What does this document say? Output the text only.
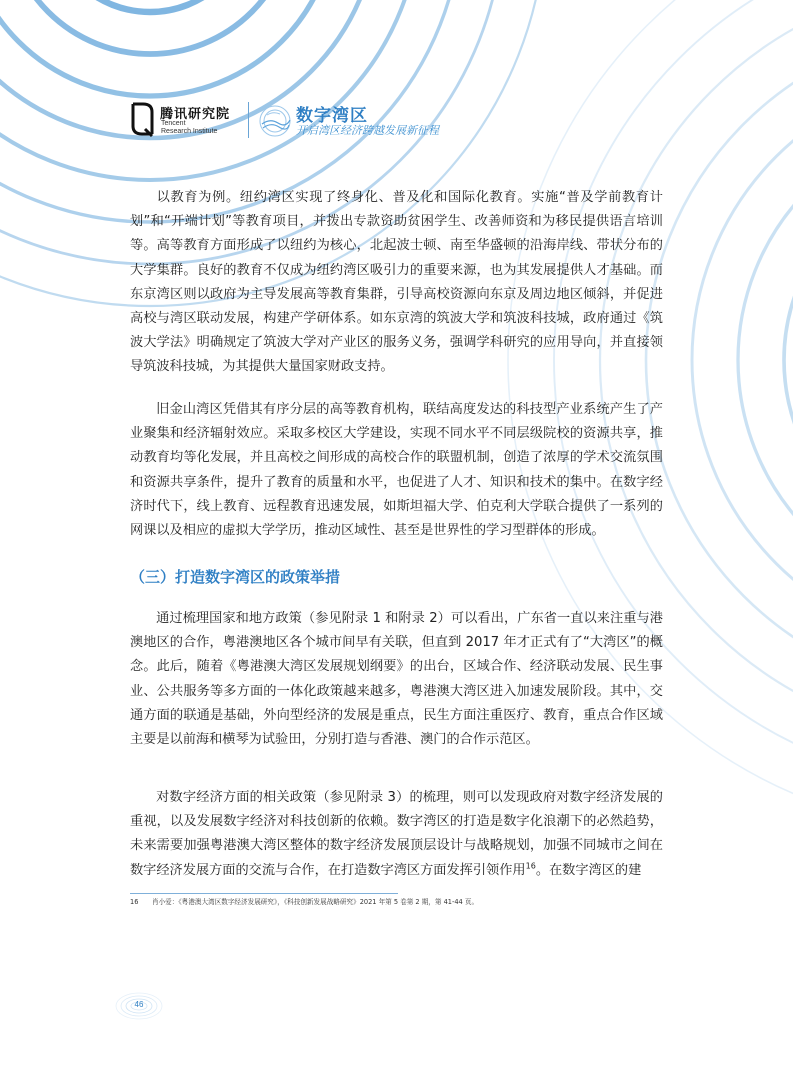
腾讯研究院
Tencent
Research Institute
数字湾区
开启湾区经济跨越发展新征程

以教育为例。纽约湾区实现了终身化、普及化和国际化教育。实施“普及学前教育计划”和“开端计划”等教育项目，并拨出专款资助贫困学生、改善师资和为移民提供语言培训等。高等教育方面形成了以纽约为核心，北起波士顿、南至华盛顿的沿海岸线、带状分布的大学集群。良好的教育不仅成为纽约湾区吸引力的重要来源，也为其发展提供人才基础。而东京湾区则以政府为主导发展高等教育集群，引导高校资源向东京及周边地区倾斜，并促进高校与湾区联动发展，构建产学研体系。如东京湾的筑波大学和筑波科技城，政府通过《筑波大学法》明确规定了筑波大学对产业区的服务义务，强调学科研究的应用导向，并直接领导筑波科技城，为其提供大量国家财政支持。

旧金山湾区凭借其有序分层的高等教育机构，联结高度发达的科技型产业系统产生了产业聚集和经济辐射效应。采取多校区大学建设，实现不同水平不同层级院校的资源共享，推动教育均等化发展，并且高校之间形成的高校合作的联盟机制，创造了浓厚的学术交流氛围和资源共享条件，提升了教育的质量和水平，也促进了人才、知识和技术的集中。在数字经济时代下，线上教育、远程教育迅速发展，如斯坦福大学、伯克利大学联合提供了一系列的网课以及相应的虚拟大学学历，推动区域性、甚至是世界性的学习型群体的形成。

（三）打造数字湾区的政策举措

通过梳理国家和地方政策（参见附录 1 和附录 2）可以看出，广东省一直以来注重与港澳地区的合作，粤港澳地区各个城市间早有关联，但直到 2017 年才正式有了“大湾区”的概念。此后，随着《粤港澳大湾区发展规划纲要》的出台，区域合作、经济联动发展、民生事业、公共服务等多方面的一体化政策越来越多，粤港澳大湾区进入加速发展阶段。其中，交通方面的联通是基础，外向型经济的发展是重点，民生方面注重医疗、教育，重点合作区域主要是以前海和横琴为试验田，分别打造与香港、澳门的合作示范区。

对数字经济方面的相关政策（参见附录 3）的梳理，则可以发现政府对数字经济发展的重视，以及发展数字经济对科技创新的依赖。数字湾区的打造是数字化浪潮下的必然趋势，未来需要加强粤港澳大湾区整体的数字经济发展顶层设计与战略规划，加强不同城市之间在数字经济发展方面的交流与合作，在打造数字湾区方面发挥引领作用$^{16}$。在数字湾区的建

16 肖小爱：《粤港澳大湾区数字经济发展研究》，《科技创新发展战略研究》2021 年第 5 卷第 2 期，第 41-44 页。
46
